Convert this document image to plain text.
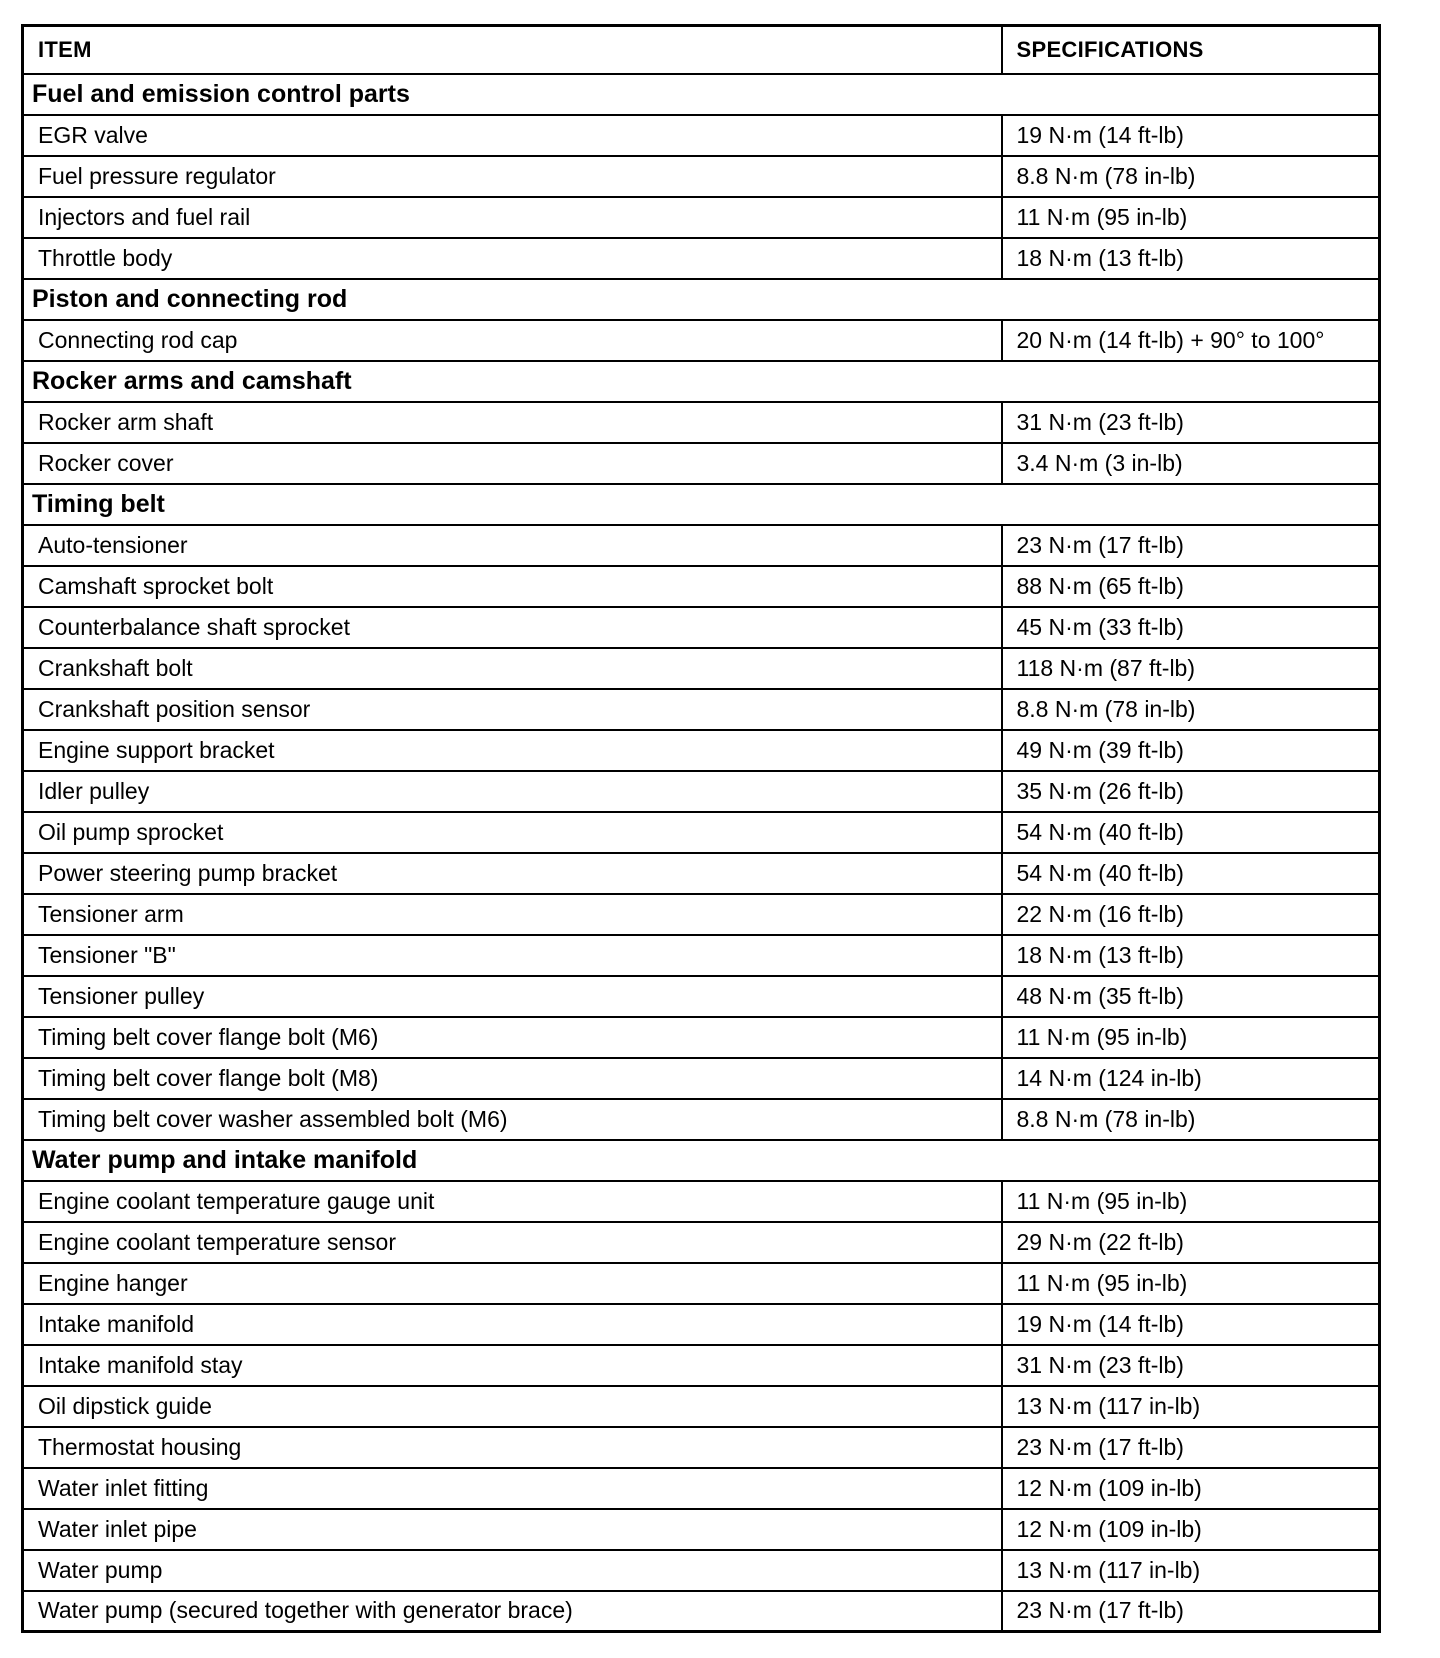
ITEM	SPECIFICATIONS
Fuel and emission control parts	
EGR valve	19 N·m (14 ft-lb)
Fuel pressure regulator	8.8 N·m (78 in-lb)
Injectors and fuel rail	11 N·m (95 in-lb)
Throttle body	18 N·m (13 ft-lb)
Piston and connecting rod	
Connecting rod cap	20 N·m (14 ft-lb) + 90° to 100°
Rocker arms and camshaft	
Rocker arm shaft	31 N·m (23 ft-lb)
Rocker cover	3.4 N·m (3 in-lb)
Timing belt	
Auto-tensioner	23 N·m (17 ft-lb)
Camshaft sprocket bolt	88 N·m (65 ft-lb)
Counterbalance shaft sprocket	45 N·m (33 ft-lb)
Crankshaft bolt	118 N·m (87 ft-lb)
Crankshaft position sensor	8.8 N·m (78 in-lb)
Engine support bracket	49 N·m (39 ft-lb)
Idler pulley	35 N·m (26 ft-lb)
Oil pump sprocket	54 N·m (40 ft-lb)
Power steering pump bracket	54 N·m (40 ft-lb)
Tensioner arm	22 N·m (16 ft-lb)
Tensioner "B"	18 N·m (13 ft-lb)
Tensioner pulley	48 N·m (35 ft-lb)
Timing belt cover flange bolt (M6)	11 N·m (95 in-lb)
Timing belt cover flange bolt (M8)	14 N·m (124 in-lb)
Timing belt cover washer assembled bolt (M6)	8.8 N·m (78 in-lb)
Water pump and intake manifold	
Engine coolant temperature gauge unit	11 N·m (95 in-lb)
Engine coolant temperature sensor	29 N·m (22 ft-lb)
Engine hanger	11 N·m (95 in-lb)
Intake manifold	19 N·m (14 ft-lb)
Intake manifold stay	31 N·m (23 ft-lb)
Oil dipstick guide	13 N·m (117 in-lb)
Thermostat housing	23 N·m (17 ft-lb)
Water inlet fitting	12 N·m (109 in-lb)
Water inlet pipe	12 N·m (109 in-lb)
Water pump	13 N·m (117 in-lb)
Water pump (secured together with generator brace)	23 N·m (17 ft-lb)
